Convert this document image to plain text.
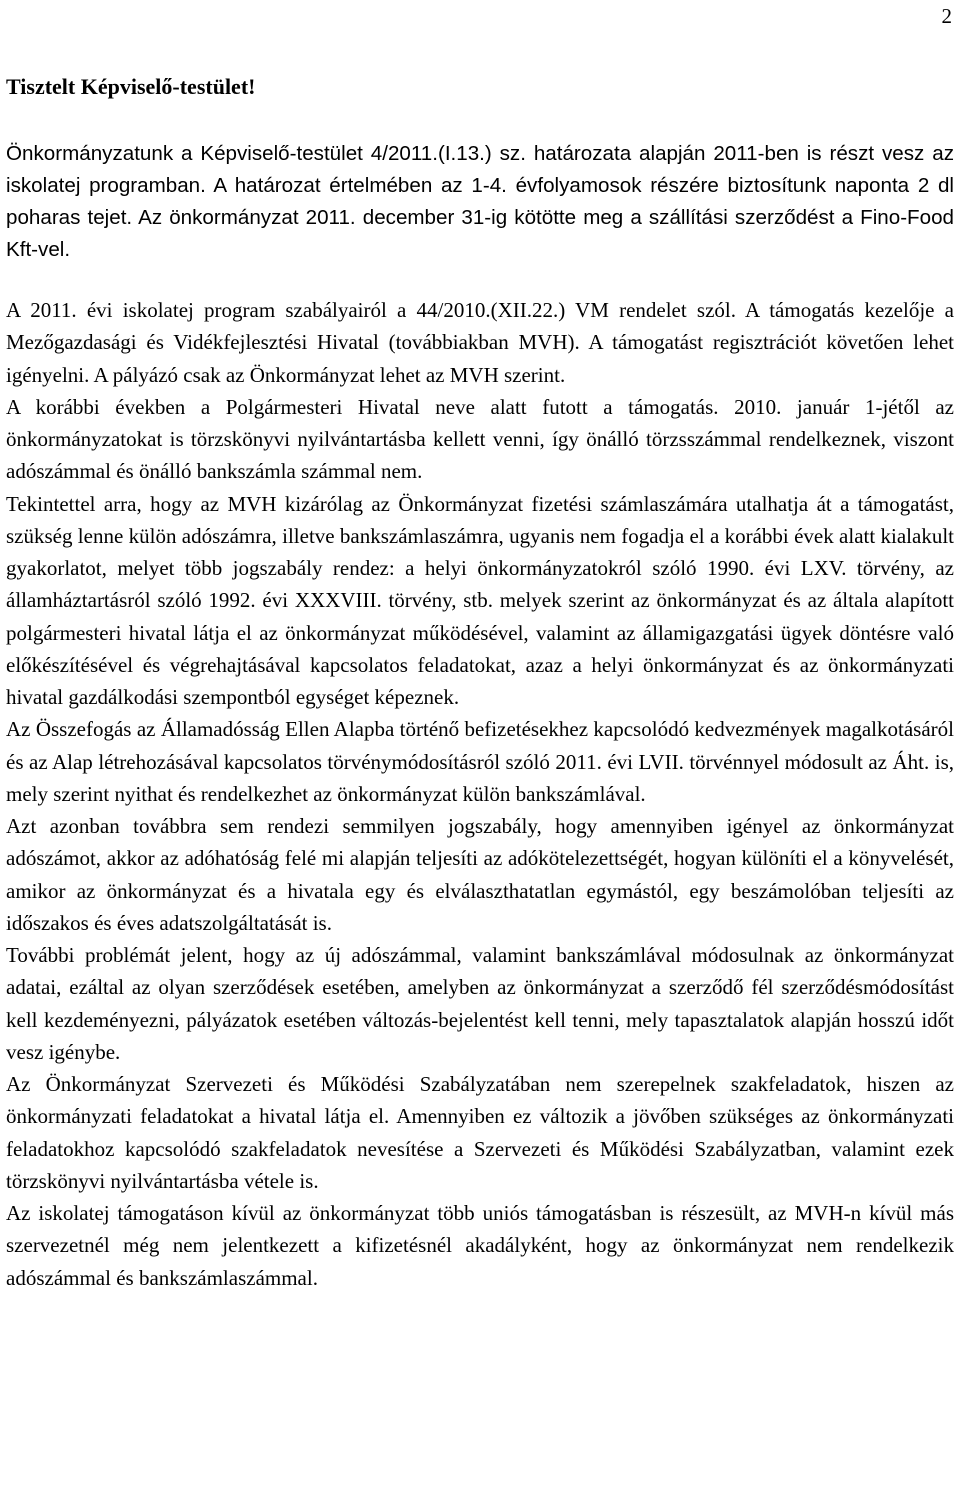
2
Tisztelt Képviselő-testület!

Önkormányzatunk a Képviselő-testület 4/2011.(I.13.) sz. határozata alapján 2011-ben is részt vesz az iskolatej programban. A határozat értelmében az 1-4. évfolyamosok részére biztosítunk naponta 2 dl poharas tejet. Az önkormányzat 2011. december 31-ig kötötte meg a szállítási szerződést a Fino-Food Kft-vel.

A 2011. évi iskolatej program szabályairól a 44/2010.(XII.22.) VM rendelet szól. A támogatás kezelője a Mezőgazdasági és Vidékfejlesztési Hivatal (továbbiakban MVH). A támogatást regisztrációt követően lehet igényelni. A pályázó csak az Önkormányzat lehet az MVH szerint.

A korábbi években a Polgármesteri Hivatal neve alatt futott a támogatás. 2010. január 1-jétől az önkormányzatokat is törzskönyvi nyilvántartásba kellett venni, így önálló törzsszámmal rendelkeznek, viszont adószámmal és önálló bankszámla számmal nem.

Tekintettel arra, hogy az MVH kizárólag az Önkormányzat fizetési számlaszámára utalhatja át a támogatást, szükség lenne külön adószámra, illetve bankszámlaszámra, ugyanis nem fogadja el a korábbi évek alatt kialakult gyakorlatot, melyet több jogszabály rendez: a helyi önkormányzatokról szóló 1990. évi LXV. törvény, az államháztartásról szóló 1992. évi XXXVIII. törvény, stb. melyek szerint az önkormányzat és az általa alapított polgármesteri hivatal látja el az önkormányzat működésével, valamint az államigazgatási ügyek döntésre való előkészítésével és végrehajtásával kapcsolatos feladatokat, azaz a helyi önkormányzat és az önkormányzati hivatal gazdálkodási szempontból egységet képeznek.

Az Összefogás az Államadósság Ellen Alapba történő befizetésekhez kapcsolódó kedvezmények magalkotásáról és az Alap létrehozásával kapcsolatos törvénymódosításról szóló 2011. évi LVII. törvénnyel módosult az Áht. is, mely szerint nyithat és rendelkezhet az önkormányzat külön bankszámlával.

Azt azonban továbbra sem rendezi semmilyen jogszabály, hogy amennyiben igényel az önkormányzat adószámot, akkor az adóhatóság felé mi alapján teljesíti az adókötelezettségét, hogyan különíti el a könyvelését, amikor az önkormányzat és a hivatala egy és elválaszthatatlan egymástól, egy beszámolóban teljesíti az időszakos és éves adatszolgáltatását is.

További problémát jelent, hogy az új adószámmal, valamint bankszámlával módosulnak az önkormányzat adatai, ezáltal az olyan szerződések esetében, amelyben az önkormányzat a szerződő fél szerződésmódosítást kell kezdeményezni, pályázatok esetében változás-bejelentést kell tenni, mely tapasztalatok alapján hosszú időt vesz igénybe.

Az Önkormányzat Szervezeti és Működési Szabályzatában nem szerepelnek szakfeladatok, hiszen az önkormányzati feladatokat a hivatal látja el. Amennyiben ez változik a jövőben szükséges az önkormányzati feladatokhoz kapcsolódó szakfeladatok nevesítése a Szervezeti és Működési Szabályzatban, valamint ezek törzskönyvi nyilvántartásba vétele is.

Az iskolatej támogatáson kívül az önkormányzat több uniós támogatásban is részesült, az MVH-n kívül más szervezetnél még nem jelentkezett a kifizetésnél akadályként, hogy az önkormányzat nem rendelkezik adószámmal és bankszámlaszámmal.
